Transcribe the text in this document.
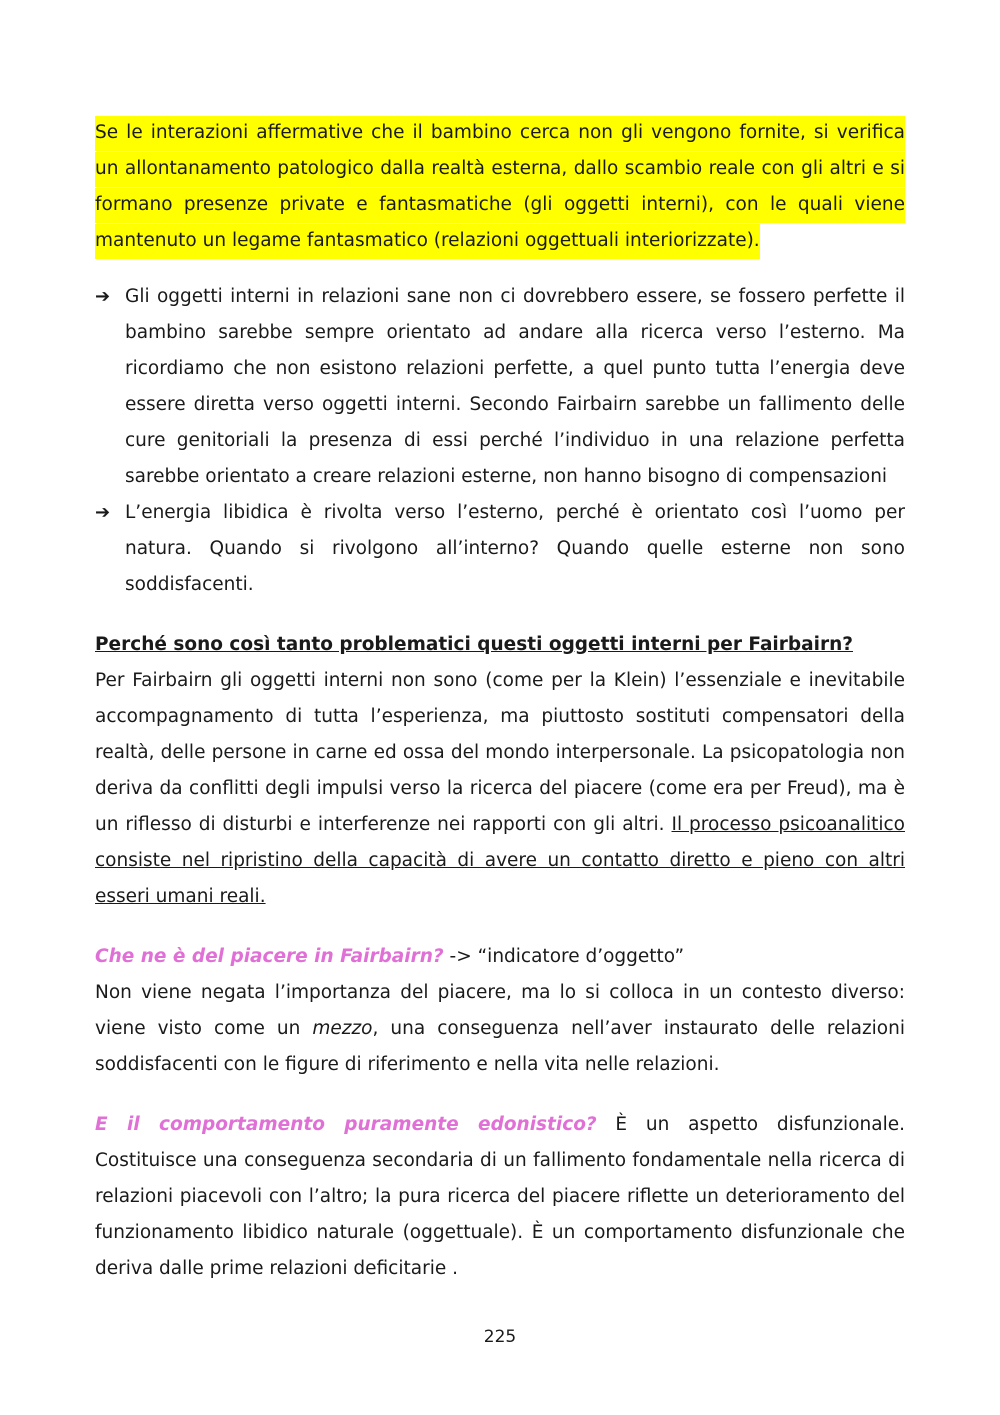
Se le interazioni affermative che il bambino cerca non gli vengono fornite, si verifica un allontanamento patologico dalla realtà esterna, dallo scambio reale con gli altri e si formano presenze private e fantasmatiche (gli oggetti interni), con le quali viene mantenuto un legame fantasmatico (relazioni oggettuali interiorizzate).

➔ Gli oggetti interni in relazioni sane non ci dovrebbero essere, se fossero perfette il bambino sarebbe sempre orientato ad andare alla ricerca verso l’esterno. Ma ricordiamo che non esistono relazioni perfette, a quel punto tutta l’energia deve essere diretta verso oggetti interni. Secondo Fairbairn sarebbe un fallimento delle cure genitoriali la presenza di essi perché l’individuo in una relazione perfetta sarebbe orientato a creare relazioni esterne, non hanno bisogno di compensazioni
➔ L’energia libidica è rivolta verso l’esterno, perché è orientato così l’uomo per natura. Quando si rivolgono all’interno? Quando quelle esterne non sono soddisfacenti.

Perché sono così tanto problematici questi oggetti interni per Fairbairn?

Per Fairbairn gli oggetti interni non sono (come per la Klein) l’essenziale e inevitabile accompagnamento di tutta l’esperienza, ma piuttosto sostituti compensatori della realtà, delle persone in carne ed ossa del mondo interpersonale. La psicopatologia non deriva da conflitti degli impulsi verso la ricerca del piacere (come era per Freud), ma è un riflesso di disturbi e interferenze nei rapporti con gli altri. Il processo psicoanalitico consiste nel ripristino della capacità di avere un contatto diretto e pieno con altri esseri umani reali.

Che ne è del piacere in Fairbairn? -> “indicatore d’oggetto”

Non viene negata l’importanza del piacere, ma lo si colloca in un contesto diverso: viene visto come un mezzo, una conseguenza nell’aver instaurato delle relazioni soddisfacenti con le figure di riferimento e nella vita nelle relazioni.

E il comportamento puramente edonistico? È un aspetto disfunzionale. Costituisce una conseguenza secondaria di un fallimento fondamentale nella ricerca di relazioni piacevoli con l’altro; la pura ricerca del piacere riflette un deterioramento del funzionamento libidico naturale (oggettuale). È un comportamento disfunzionale che deriva dalle prime relazioni deficitarie .

225
